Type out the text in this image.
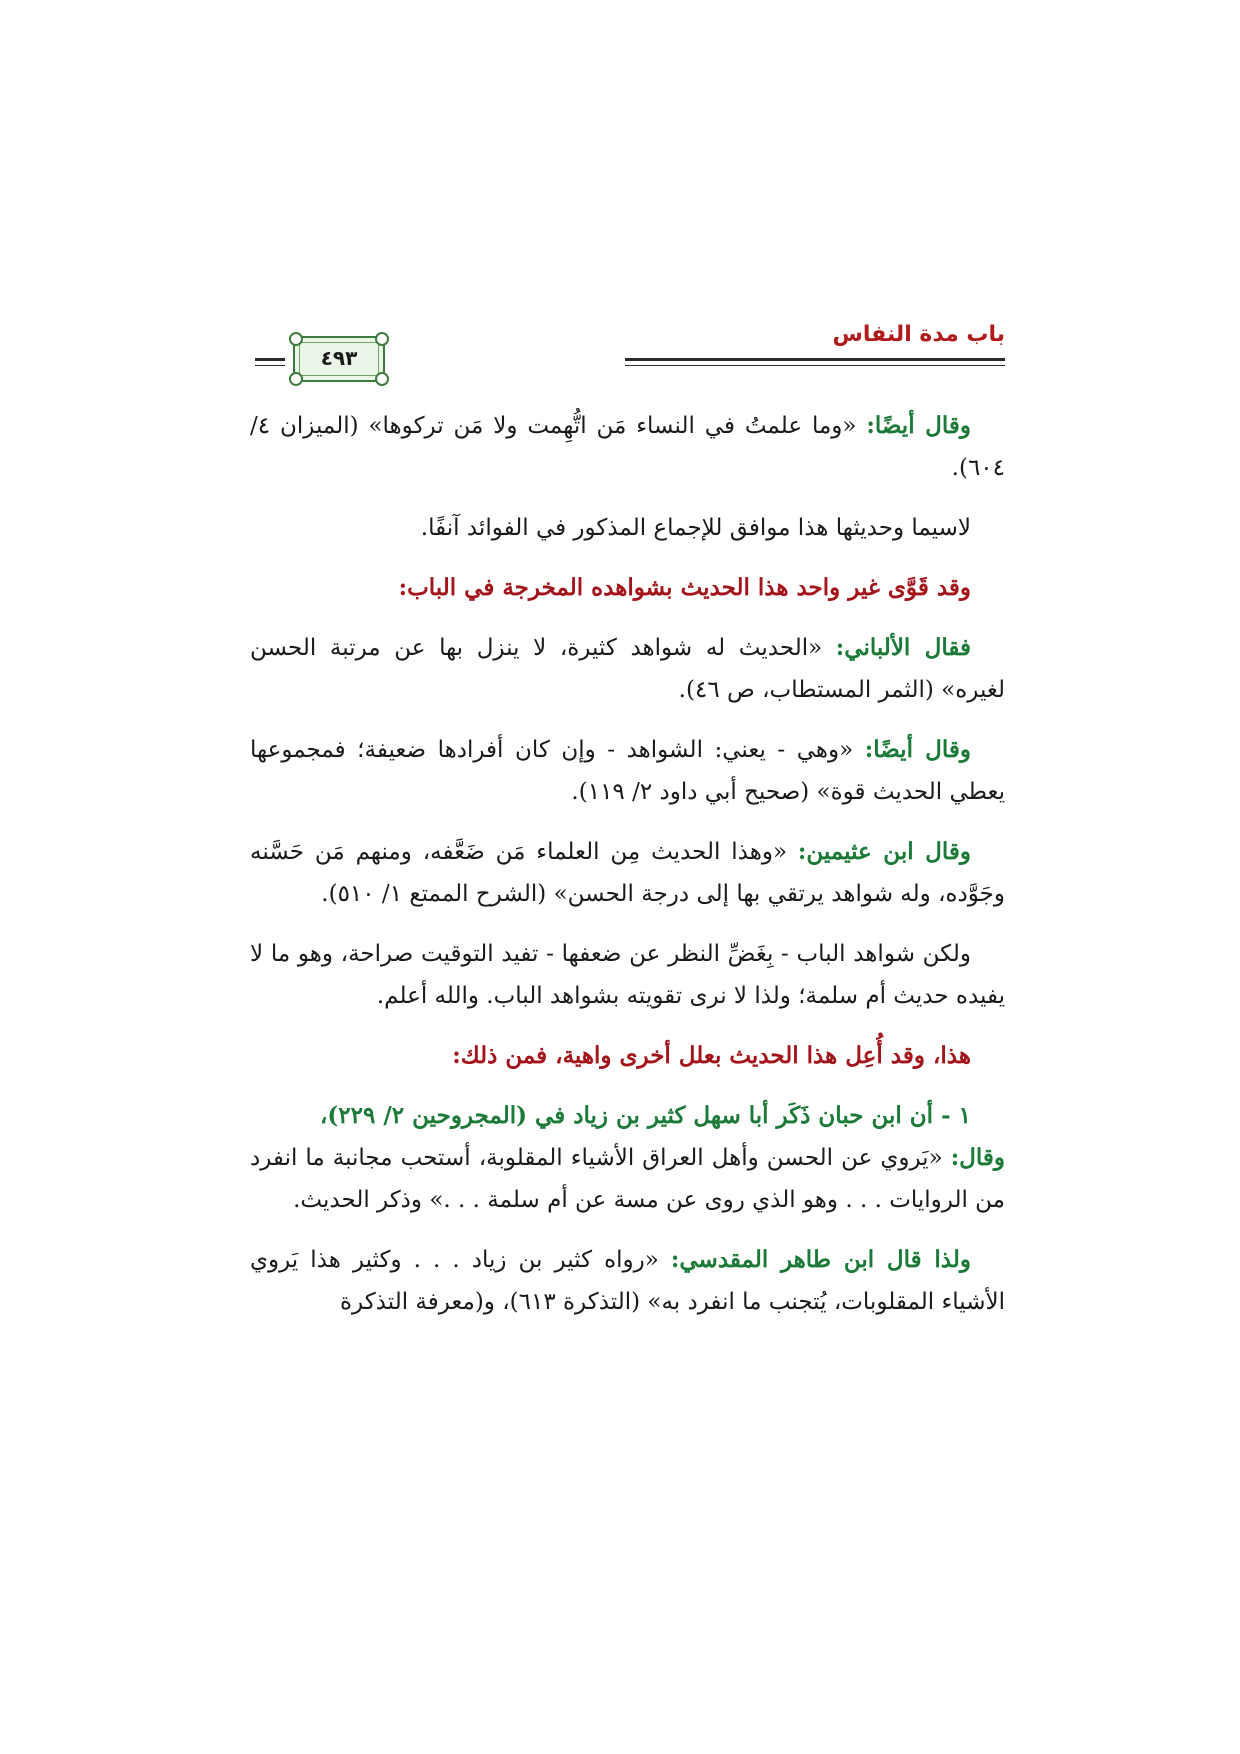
باب مدة النفاس
٤٩٣

وقال أيضًا: «وما علمتُ في النساء مَن اتُّهِمت ولا مَن تركوها» (الميزان ٤/ ٦٠٤).

لاسيما وحديثها هذا موافق للإجماع المذكور في الفوائد آنفًا.

وقد قَوَّى غير واحد هذا الحديث بشواهده المخرجة في الباب:

فقال الألباني: «الحديث له شواهد كثيرة، لا ينزل بها عن مرتبة الحسن لغيره» (الثمر المستطاب، ص ٤٦).

وقال أيضًا: «وهي - يعني: الشواهد - وإن كان أفرادها ضعيفة؛ فمجموعها يعطي الحديث قوة» (صحيح أبي داود ٢/ ١١٩).

وقال ابن عثيمين: «وهذا الحديث مِن العلماء مَن ضَعَّفه، ومنهم مَن حَسَّنه وجَوَّده، وله شواهد يرتقي بها إلى درجة الحسن» (الشرح الممتع ١/ ٥١٠).

ولكن شواهد الباب - بِغَضِّ النظر عن ضعفها - تفيد التوقيت صراحة، وهو ما لا يفيده حديث أم سلمة؛ ولذا لا نرى تقويته بشواهد الباب. والله أعلم.

هذا، وقد أُعِل هذا الحديث بعلل أخرى واهية، فمن ذلك:

١ - أن ابن حبان ذَكَر أبا سهل كثير بن زياد في (المجروحين ٢/ ٢٢٩)،

وقال: «يَروي عن الحسن وأهل العراق الأشياء المقلوبة، أستحب مجانبة ما انفرد من الروايات . . . وهو الذي روى عن مسة عن أم سلمة . . .» وذكر الحديث.

ولذا قال ابن طاهر المقدسي: «رواه كثير بن زياد . . . وكثير هذا يَروي الأشياء المقلوبات، يُتجنب ما انفرد به» (التذكرة ٦١٣)، و(معرفة التذكرة
